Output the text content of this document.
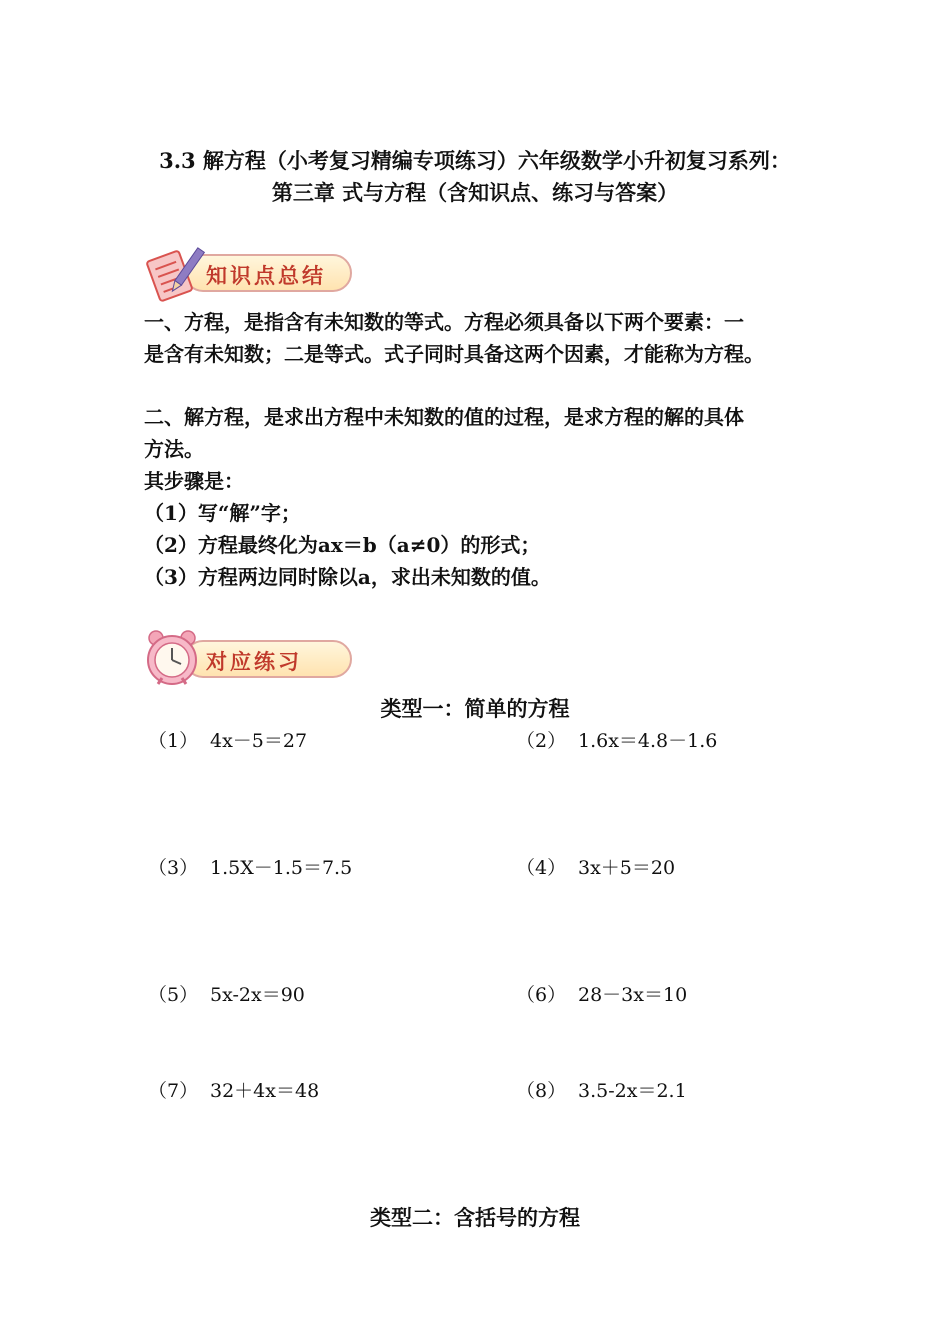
3.3 解方程（小考复习精编专项练习）六年级数学小升初复习系列：
第三章 式与方程（含知识点、练习与答案）
知识点总结
一、方程，是指含有未知数的等式。方程必须具备以下两个要素：一
是含有未知数；二是等式。式子同时具备这两个因素，才能称为方程。
二、解方程，是求出方程中未知数的值的过程，是求方程的解的具体
方法。
其步骤是：
（1）写“解”字；
（2）方程最终化为ax＝b（a≠0）的形式；
（3）方程两边同时除以a，求出未知数的值。
对应练习
类型一：简单的方程
（1） 4x－5＝27	（2） 1.6x＝4.8－1.6
（3） 1.5X－1.5＝7.5	（4） 3x＋5＝20
（5） 5x-2x＝90	（6） 28－3x＝10
（7） 32＋4x＝48	（8） 3.5-2x＝2.1
类型二：含括号的方程
